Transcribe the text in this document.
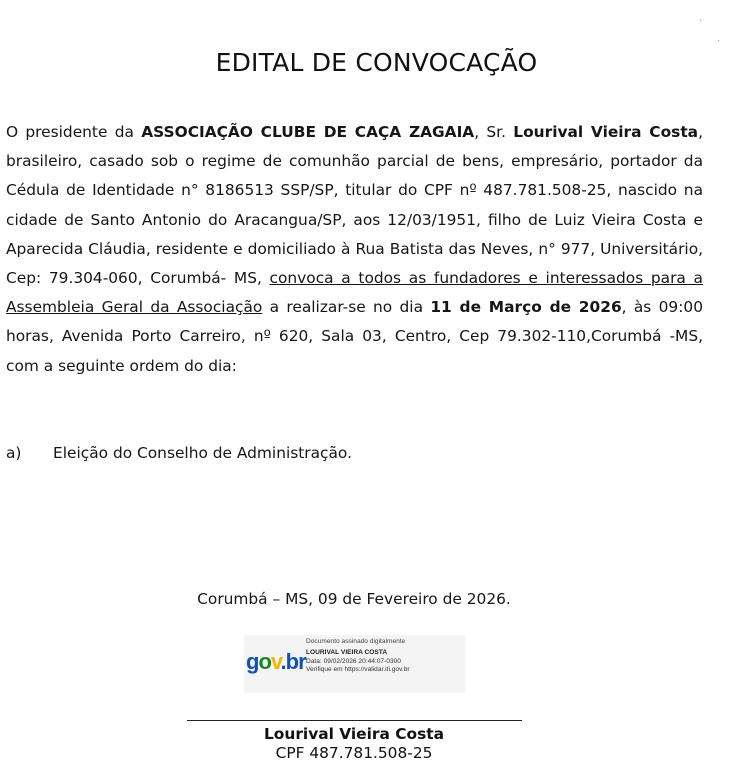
EDITAL DE CONVOCAÇÃO
O presidente da ASSOCIAÇÃO CLUBE DE CAÇA ZAGAIA, Sr. Lourival Vieira Costa, brasileiro, casado sob o regime de comunhão parcial de bens, empresário, portador da Cédula de Identidade n° 8186513 SSP/SP, titular do CPF nº 487.781.508-25, nascido na cidade de Santo Antonio do Aracangua/SP, aos 12/03/1951, filho de Luiz Vieira Costa e Aparecida Cláudia, residente e domiciliado à Rua Batista das Neves, n° 977, Universitário, Cep: 79.304-060, Corumbá- MS, convoca a todos as fundadores e interessados para a Assembleia Geral da Associação a realizar-se no dia 11 de Março de 2026, às 09:00 horas, Avenida Porto Carreiro, nº 620, Sala 03, Centro, Cep 79.302-110,Corumbá -MS, com a seguinte ordem do dia:
a) Eleição do Conselho de Administração.
Corumbá – MS, 09 de Fevereiro de 2026.
gov.br
Documento assinado digitalmente
LOURIVAL VIEIRA COSTA
Data: 09/02/2026 20:44:07-0300
Verifique em https://validar.iti.gov.br
Lourival Vieira Costa
CPF 487.781.508-25
